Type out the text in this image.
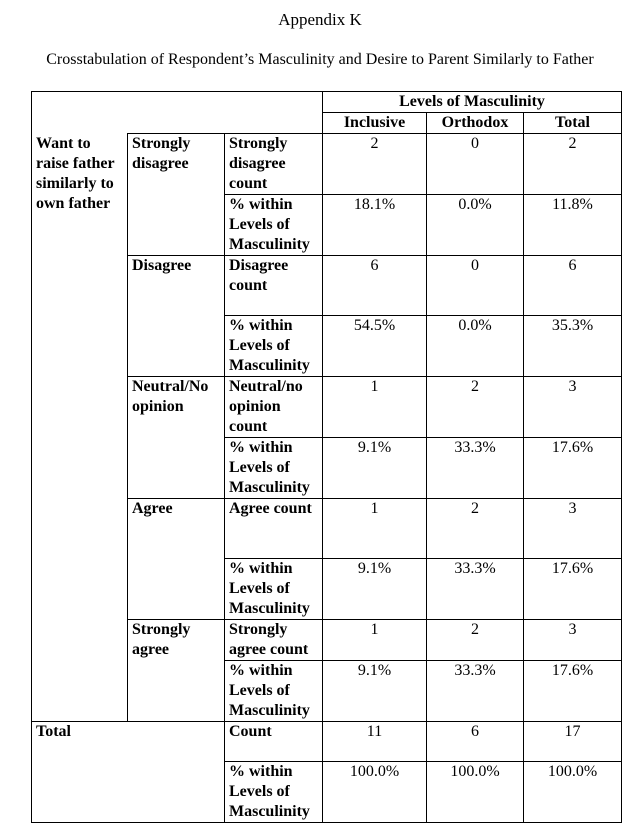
Appendix K
Crosstabulation of Respondent’s Masculinity and Desire to Parent Similarly to Father
			Levels of Masculinity		
			Inclusive	Orthodox	Total
Want to raise father similarly to own father	Strongly disagree	Strongly disagree count	2	0	2
		% within Levels of Masculinity	18.1%	0.0%	11.8%
	Disagree	Disagree count	6	0	6
		% within Levels of Masculinity	54.5%	0.0%	35.3%
	Neutral/No opinion	Neutral/no opinion count	1	2	3
		% within Levels of Masculinity	9.1%	33.3%	17.6%
	Agree	Agree count	1	2	3
		% within Levels of Masculinity	9.1%	33.3%	17.6%
	Strongly agree	Strongly agree count	1	2	3
		% within Levels of Masculinity	9.1%	33.3%	17.6%
Total		Count	11	6	17
		% within Levels of Masculinity	100.0%	100.0%	100.0%
